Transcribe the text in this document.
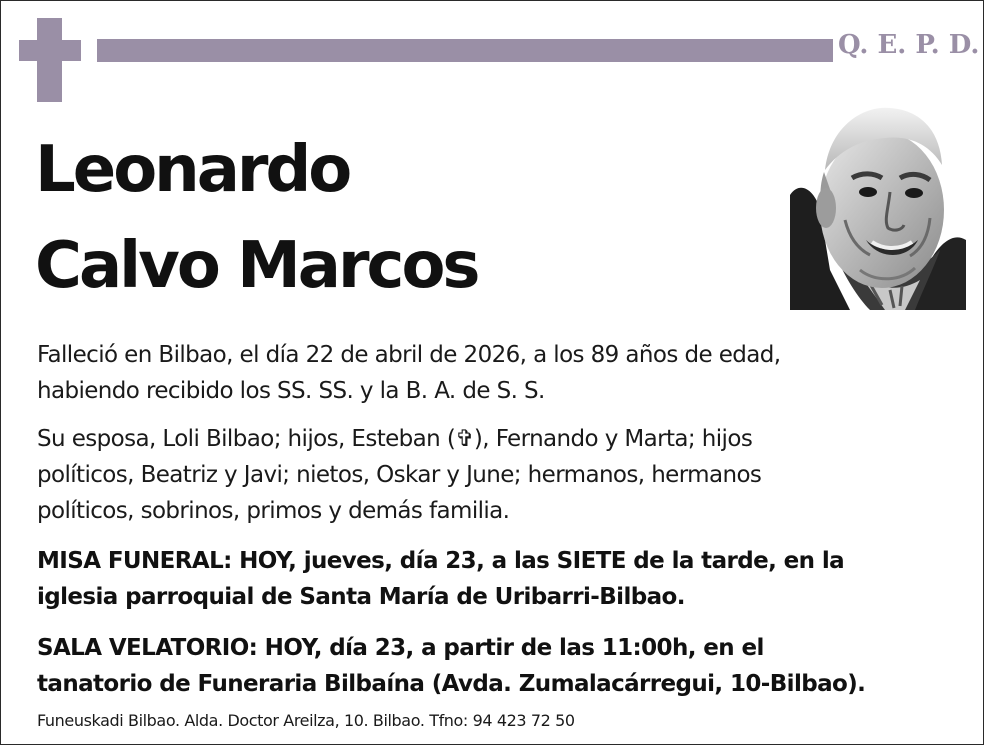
Q. E. P. D.
Leonardo
Calvo Marcos
Falleció en Bilbao, el día 22 de abril de 2026, a los 89 años de edad,
habiendo recibido los SS. SS. y la B. A. de S. S.
Su esposa, Loli Bilbao; hijos, Esteban (✞), Fernando y Marta; hijos
políticos, Beatriz y Javi; nietos, Oskar y June; hermanos, hermanos
políticos, sobrinos, primos y demás familia.
MISA FUNERAL: HOY, jueves, día 23, a las SIETE de la tarde, en la
iglesia parroquial de Santa María de Uribarri-Bilbao.
SALA VELATORIO: HOY, día 23, a partir de las 11:00h, en el
tanatorio de Funeraria Bilbaína (Avda. Zumalacárregui, 10-Bilbao).
Funeuskadi Bilbao. Alda. Doctor Areilza, 10. Bilbao. Tfno: 94 423 72 50
